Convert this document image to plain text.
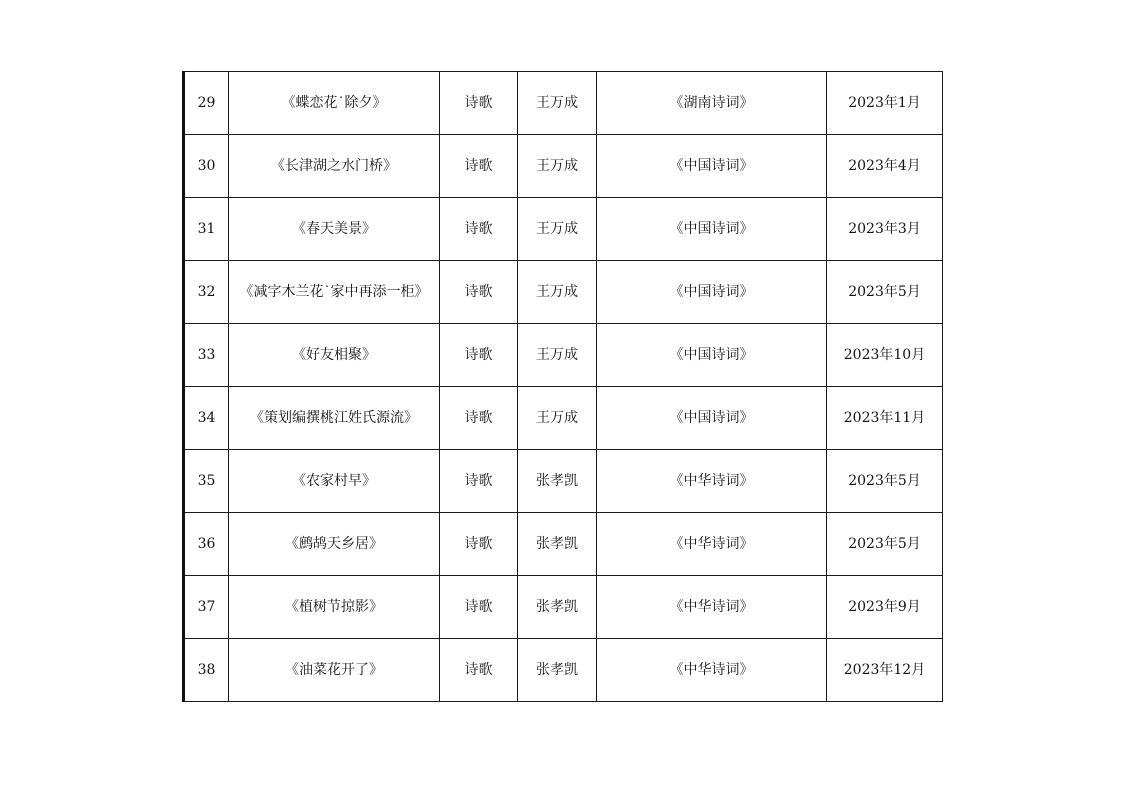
29	《蝶恋花˙除夕》	诗歌	王万成	《湖南诗词》	2023年1月
30	《长津湖之水门桥》	诗歌	王万成	《中国诗词》	2023年4月
31	《春天美景》	诗歌	王万成	《中国诗词》	2023年3月
32	《减字木兰花˙家中再添一柜》	诗歌	王万成	《中国诗词》	2023年5月
33	《好友相聚》	诗歌	王万成	《中国诗词》	2023年10月
34	《策划编撰桃江姓氏源流》	诗歌	王万成	《中国诗词》	2023年11月
35	《农家村早》	诗歌	张孝凯	《中华诗词》	2023年5月
36	《鹧鸪天乡居》	诗歌	张孝凯	《中华诗词》	2023年5月
37	《植树节掠影》	诗歌	张孝凯	《中华诗词》	2023年9月
38	《油菜花开了》	诗歌	张孝凯	《中华诗词》	2023年12月
